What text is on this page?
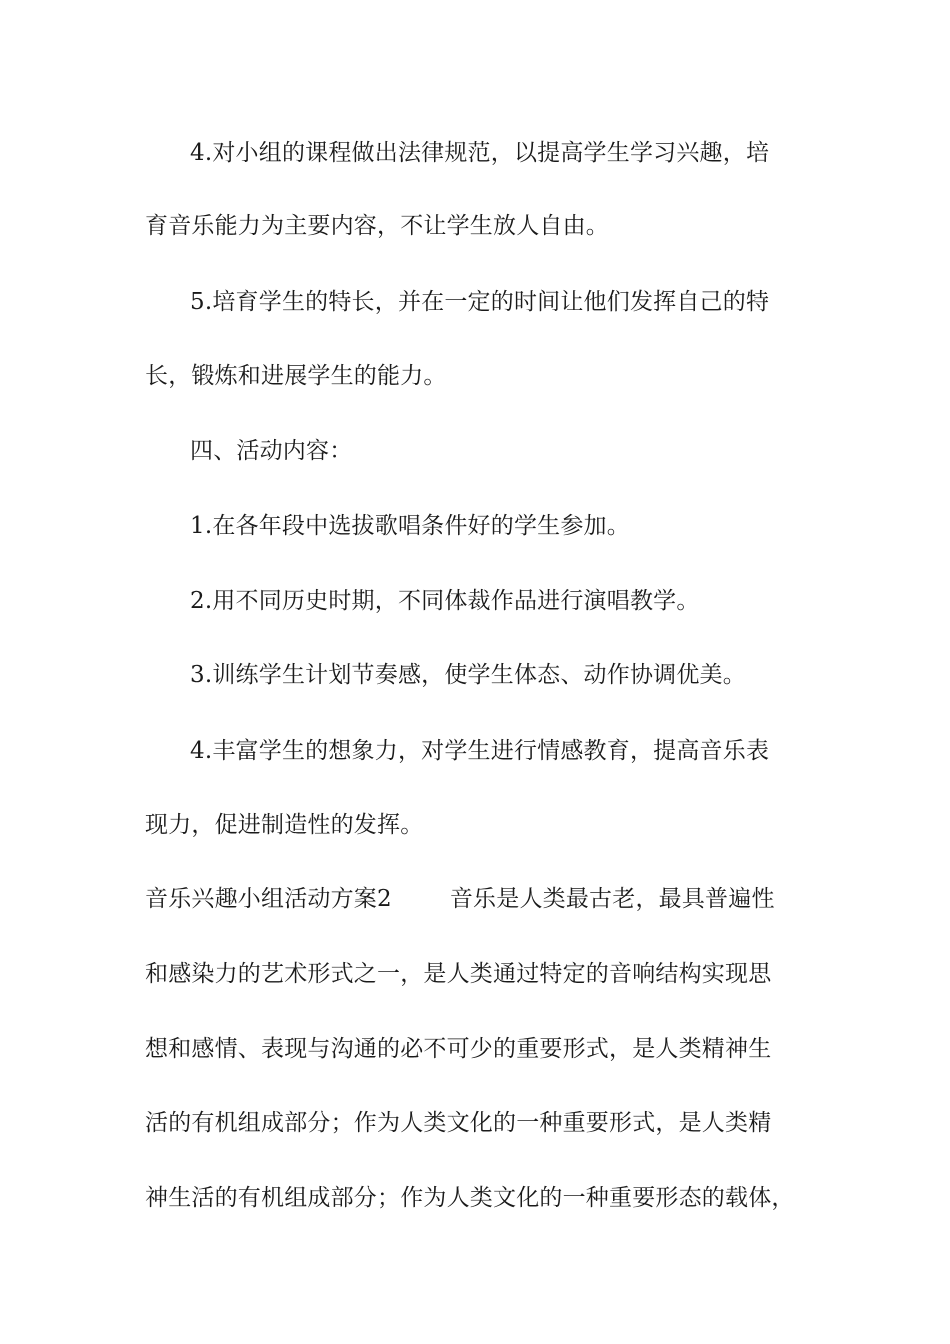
4.对小组的课程做出法律规范，以提高学生学习兴趣，培
育音乐能力为主要内容，不让学生放人自由。
5.培育学生的特长，并在一定的时间让他们发挥自己的特
长，锻炼和进展学生的能力。
四、活动内容：
1.在各年段中选拔歌唱条件好的学生参加。
2.用不同历史时期，不同体裁作品进行演唱教学。
3.训练学生计划节奏感，使学生体态、动作协调优美。
4.丰富学生的想象力，对学生进行情感教育，提高音乐表
现力，促进制造性的发挥。
音乐兴趣小组活动方案2	音乐是人类最古老，最具普遍性
和感染力的艺术形式之一，是人类通过特定的音响结构实现思
想和感情、表现与沟通的必不可少的重要形式，是人类精神生
活的有机组成部分；作为人类文化的一种重要形式，是人类精
神生活的有机组成部分；作为人类文化的一种重要形态的载体，
